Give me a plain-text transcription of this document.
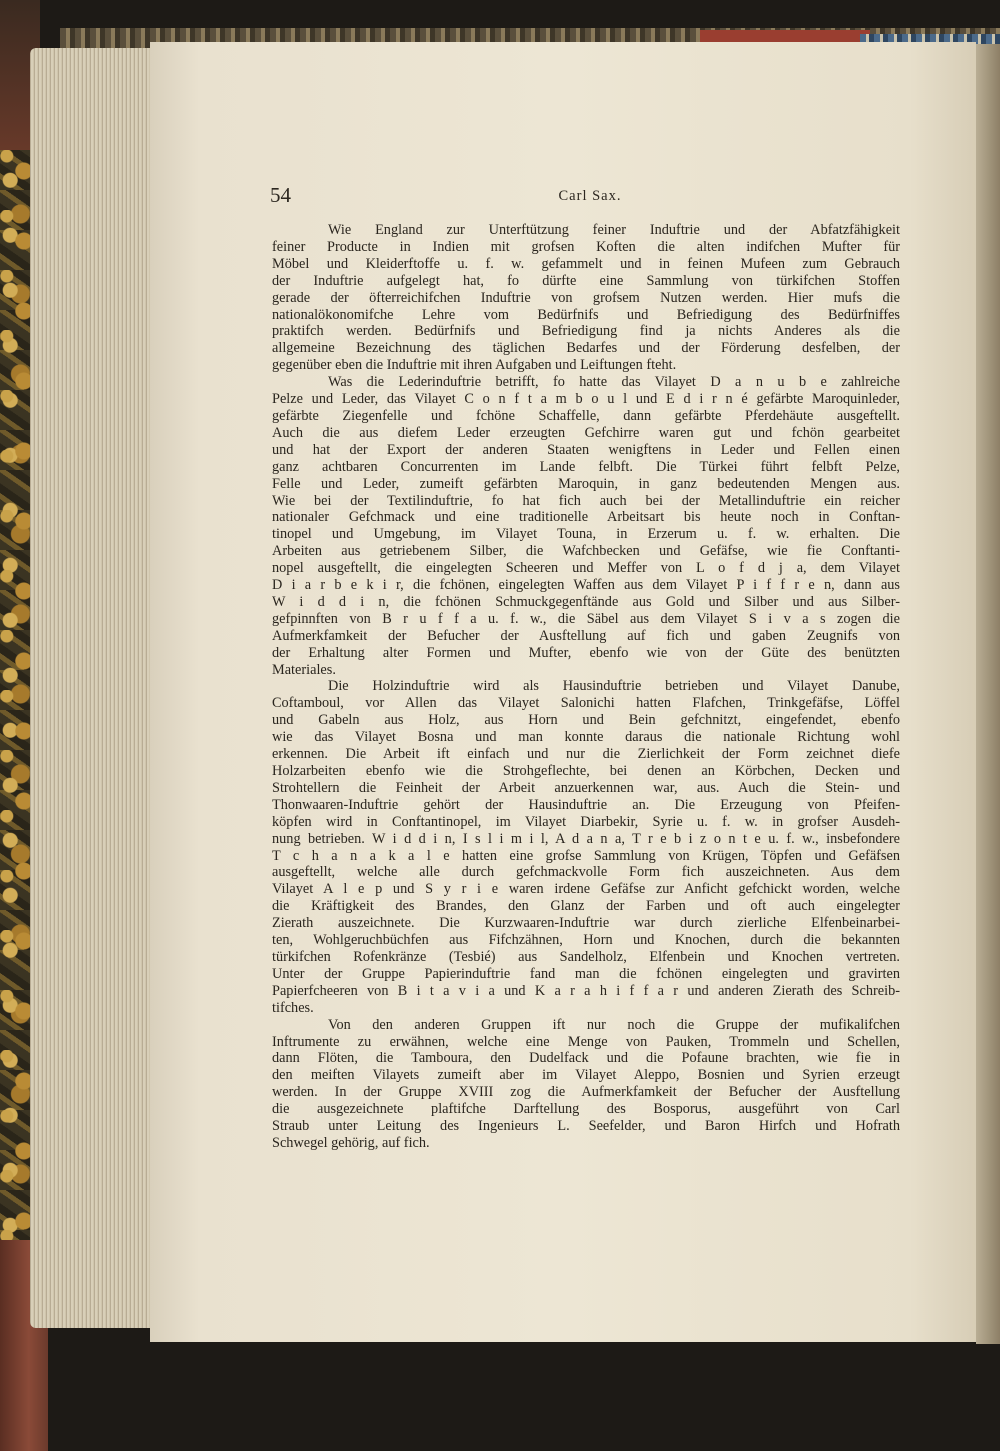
54	Carl Sax.
Wie England zur Unterftützung feiner Induftrie und der Abfatzfähigkeit
feiner Producte in Indien mit grofsen Koften die alten indifchen Mufter für
Möbel und Kleiderftoffe u. f. w. gefammelt und in feinen Mufeen zum Gebrauch
der Induftrie aufgelegt hat, fo dürfte eine Sammlung von türkifchen Stoffen
gerade der öfterreichifchen Induftrie von grofsem Nutzen werden. Hier mufs die
nationalökonomifche Lehre vom Bedürfnifs und Befriedigung des Bedürfniffes
praktifch werden. Bedürfnifs und Befriedigung find ja nichts Anderes als die
allgemeine Bezeichnung des täglichen Bedarfes und der Förderung desfelben, der
gegenüber eben die Induftrie mit ihren Aufgaben und Leiftungen fteht.
Was die Lederinduftrie betrifft, fo hatte das Vilayet D a n u b e zahlreiche
Pelze und Leder, das Vilayet C o n f t a m b o u l und E d i r n é gefärbte Maroquinleder,
gefärbte Ziegenfelle und fchöne Schaffelle, dann gefärbte Pferdehäute ausgeftellt.
Auch die aus diefem Leder erzeugten Gefchirre waren gut und fchön gearbeitet
und hat der Export der anderen Staaten wenigftens in Leder und Fellen einen
ganz achtbaren Concurrenten im Lande felbft. Die Türkei führt felbft Pelze,
Felle und Leder, zumeift gefärbten Maroquin, in ganz bedeutenden Mengen aus.
Wie bei der Textilinduftrie, fo hat fich auch bei der Metallinduftrie ein reicher
nationaler Gefchmack und eine traditionelle Arbeitsart bis heute noch in Conftan-
tinopel und Umgebung, im Vilayet Touna, in Erzerum u. f. w. erhalten. Die
Arbeiten aus getriebenem Silber, die Wafchbecken und Gefäfse, wie fie Conftanti-
nopel ausgeftellt, die eingelegten Scheeren und Meffer von L o f d j a, dem Vilayet
D i a r b e k i r, die fchönen, eingelegten Waffen aus dem Vilayet P i f f r e n, dann aus
W i d d i n, die fchönen Schmuckgegenftände aus Gold und Silber und aus Silber-
gefpinnften von B r u f f a u. f. w., die Säbel aus dem Vilayet S i v a s zogen die
Aufmerkfamkeit der Befucher der Ausftellung auf fich und gaben Zeugnifs von
der Erhaltung alter Formen und Mufter, ebenfo wie von der Güte des benützten
Materiales.
Die Holzinduftrie wird als Hausinduftrie betrieben und Vilayet Danube,
Coftamboul, vor Allen das Vilayet Salonichi hatten Flafchen, Trinkgefäfse, Löffel
und Gabeln aus Holz, aus Horn und Bein gefchnitzt, eingefendet, ebenfo
wie das Vilayet Bosna und man konnte daraus die nationale Richtung wohl
erkennen. Die Arbeit ift einfach und nur die Zierlichkeit der Form zeichnet diefe
Holzarbeiten ebenfo wie die Strohgeflechte, bei denen an Körbchen, Decken und
Strohtellern die Feinheit der Arbeit anzuerkennen war, aus. Auch die Stein- und
Thonwaaren-Induftrie gehört der Hausinduftrie an. Die Erzeugung von Pfeifen-
köpfen wird in Conftantinopel, im Vilayet Diarbekir, Syrie u. f. w. in grofser Ausdeh-
nung betrieben. W i d d i n, I s l i m i l, A d a n a, T r e b i z o n t e u. f. w., insbefondere
T c h a n a k a l e hatten eine grofse Sammlung von Krügen, Töpfen und Gefäfsen
ausgeftellt, welche alle durch gefchmackvolle Form fich auszeichneten. Aus dem
Vilayet A l e p und S y r i e waren irdene Gefäfse zur Anficht gefchickt worden, welche
die Kräftigkeit des Brandes, den Glanz der Farben und oft auch eingelegter
Zierath auszeichnete. Die Kurzwaaren-Induftrie war durch zierliche Elfenbeinarbei-
ten, Wohlgeruchbüchfen aus Fifchzähnen, Horn und Knochen, durch die bekannten
türkifchen Rofenkränze (Tesbié) aus Sandelholz, Elfenbein und Knochen vertreten.
Unter der Gruppe Papierinduftrie fand man die fchönen eingelegten und gravirten
Papierfcheeren von B i t a v i a und K a r a h i f f a r und anderen Zierath des Schreib-
tifches.
Von den anderen Gruppen ift nur noch die Gruppe der mufikalifchen
Inftrumente zu erwähnen, welche eine Menge von Pauken, Trommeln und Schellen,
dann Flöten, die Tamboura, den Dudelfack und die Pofaune brachten, wie fie in
den meiften Vilayets zumeift aber im Vilayet Aleppo, Bosnien und Syrien erzeugt
werden. In der Gruppe XVIII zog die Aufmerkfamkeit der Befucher der Ausftellung
die ausgezeichnete plaftifche Darftellung des Bosporus, ausgeführt von Carl
Straub unter Leitung des Ingenieurs L. Seefelder, und Baron Hirfch und Hofrath
Schwegel gehörig, auf fich.
